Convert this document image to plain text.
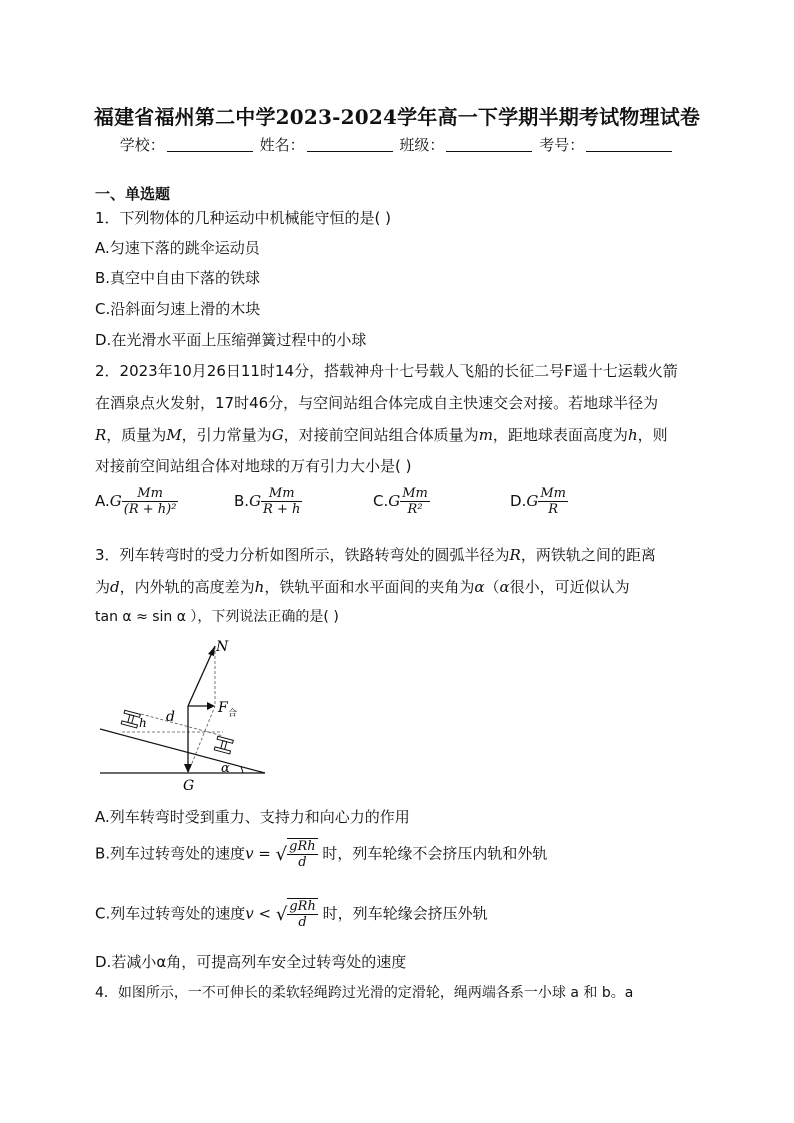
福建省福州第二中学2023-2024学年高一下学期半期考试物理试卷
学校：	姓名：	班级：	考号：
一、单选题
1．下列物体的几种运动中机械能守恒的是( )
A.匀速下落的跳伞运动员
B.真空中自由下落的铁球
C.沿斜面匀速上滑的木块
D.在光滑水平面上压缩弹簧过程中的小球
2．2023年10月26日11时14分，搭载神舟十七号载人飞船的长征二号F遥十七运载火箭
在酒泉点火发射，17时46分，与空间站组合体完成自主快速交会对接。若地球半径为
R，质量为M，引力常量为G，对接前空间站组合体质量为m，距地球表面高度为h，则
对接前空间站组合体对地球的万有引力大小是( )
$A.G \frac{Mm}{\text{(R + h)²}}$	$B.G \frac{Mm}{R + h}$	$C.G \frac{Mm}{\text{R²}}$	$D.G \frac{Mm}{R}$
3．列车转弯时的受力分析如图所示，铁路转弯处的圆弧半径为R，两铁轨之间的距离
为d，内外轨的高度差为h，铁轨平面和水平面间的夹角为α（α很小，可近似认为
tan α ≈ sin α ），下列说法正确的是( )
N
F 合
d
h
G
α
A.列车转弯时受到重力、支持力和向心力的作用
B.列车过转弯处的速度v = √ $\frac{\text{gRh}}{d}$ 时，列车轮缘不会挤压内轨和外轨
C.列车过转弯处的速度v < √ $\frac{\text{gRh}}{d}$ 时，列车轮缘会挤压外轨
D.若减小α角，可提高列车安全过转弯处的速度
4．如图所示，一不可伸长的柔软轻绳跨过光滑的定滑轮，绳两端各系一小球 a 和 b。a
